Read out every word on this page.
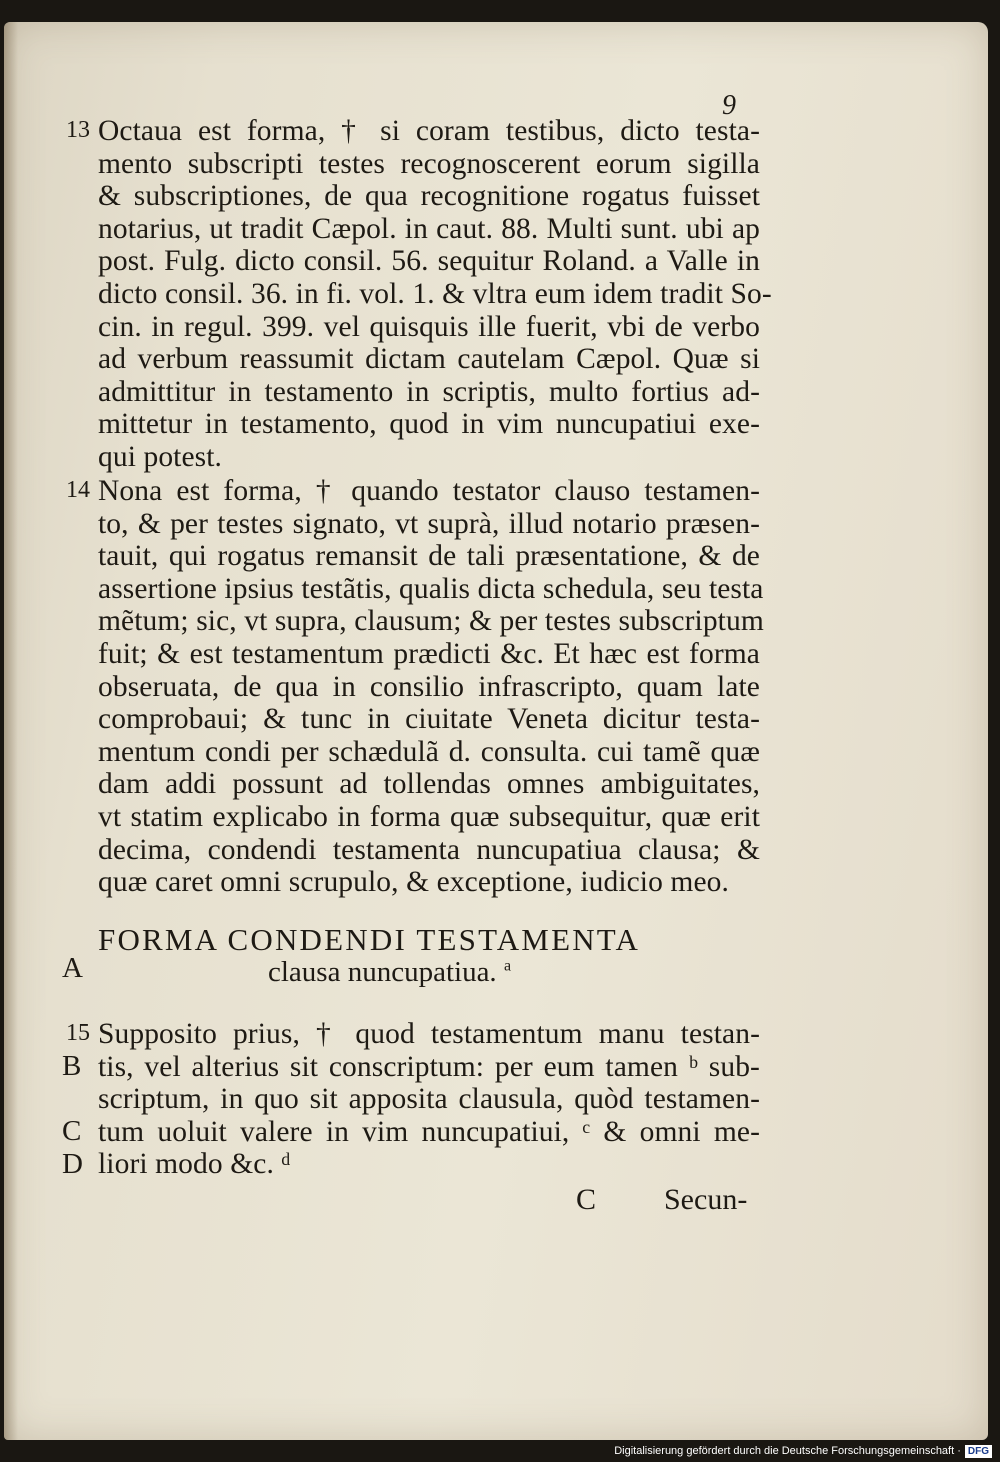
9
13 Octaua est forma, † si coram testibus, dicto testa-
mento subscripti testes recognoscerent eorum sigilla
& subscriptiones, de qua recognitione rogatus fuisset
notarius, ut tradit Cæpol. in caut. 88. Multi sunt. ubi ap
post. Fulg. dicto consil. 56. sequitur Roland. a Valle in
dicto consil. 36. in fi. vol. 1. & vltra eum idem tradit So-
cin. in regul. 399. vel quisquis ille fuerit, vbi de verbo
ad verbum reassumit dictam cautelam Cæpol. Quæ si
admittitur in testamento in scriptis, multo fortius ad-
mittetur in testamento, quod in vim nuncupatiui exe-
qui potest.
14 Nona est forma, † quando testator clauso testamen-
to, & per testes signato, vt suprà, illud notario præsen-
tauit, qui rogatus remansit de tali præsentatione, & de
assertione ipsius testãtis, qualis dicta schedula, seu testa
mẽtum; sic, vt supra, clausum; & per testes subscriptum
fuit; & est testamentum prædicti &c. Et hæc est forma
obseruata, de qua in consilio infrascripto, quam late
comprobaui; & tunc in ciuitate Veneta dicitur testa-
mentum condi per schædulã d. consulta. cui tamẽ quæ
dam addi possunt ad tollendas omnes ambiguitates,
vt statim explicabo in forma quæ subsequitur, quæ erit
decima, condendi testamenta nuncupatiua clausa; &
quæ caret omni scrupulo, & exceptione, iudicio meo.
FORMA CONDENDI TESTAMENTA
A	clausa nuncupatiua. $^a$
15
B
C
D
Supposito prius, † quod testamentum manu testan-
tis, vel alterius sit conscriptum: per eum tamen ᵇ sub-
scriptum, in quo sit apposita clausula, quòd testamen-
tum uoluit valere in vim nuncupatiui, ᶜ & omni me-
liori modo &c. ᵈ
C Secun-
Digitalisierung gefördert durch die Deutsche Forschungsgemeinschaft · DFG
